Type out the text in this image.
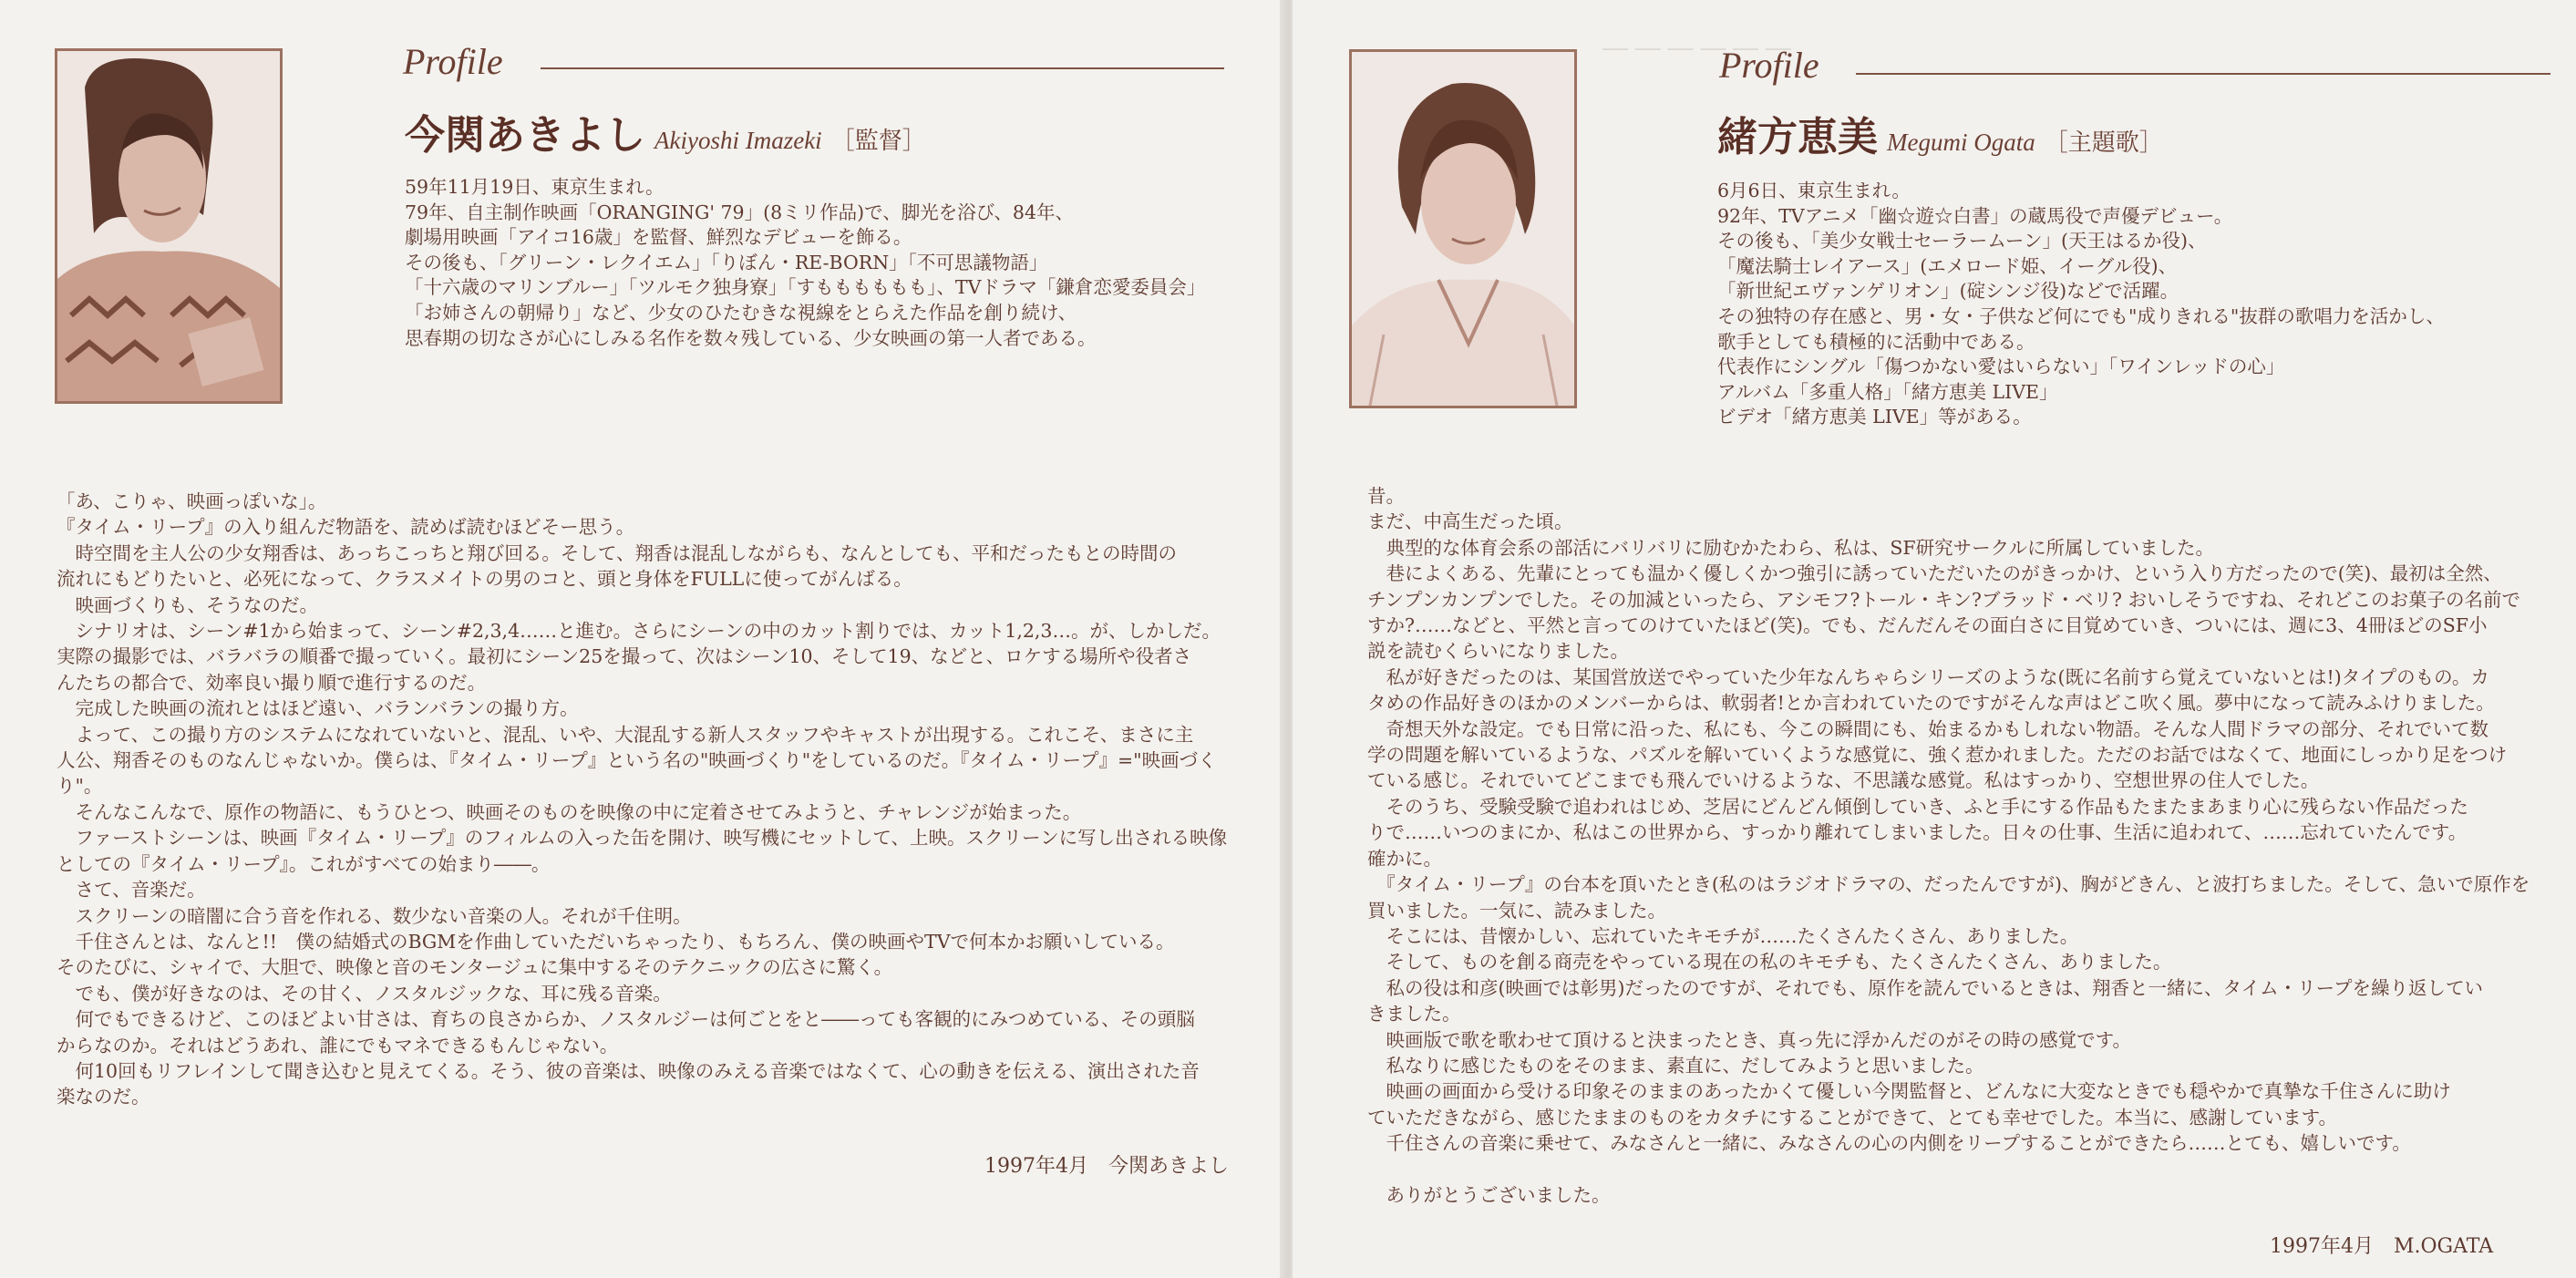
Profile
今関あきよし Akiyoshi Imazeki ［監督］
59年11月19日、東京生まれ。
79年、自主制作映画「ORANGING' 79」(8ミリ作品)で、脚光を浴び、84年、
劇場用映画「アイコ16歳」を監督、鮮烈なデビューを飾る。
その後も、「グリーン・レクイエム」「りぼん・RE-BORN」「不可思議物語」
「十六歳のマリンブルー」「ツルモク独身寮」「すもももももも」、TVドラマ「鎌倉恋愛委員会」
「お姉さんの朝帰り」など、少女のひたむきな視線をとらえた作品を創り続け、
思春期の切なさが心にしみる名作を数々残している、少女映画の第一人者である。
「あ、こりゃ、映画っぽいな」。
『タイム・リープ』の入り組んだ物語を、読めば読むほどそー思う。
　時空間を主人公の少女翔香は、あっちこっちと翔び回る。そして、翔香は混乱しながらも、なんとしても、平和だったもとの時間の
流れにもどりたいと、必死になって、クラスメイトの男のコと、頭と身体をFULLに使ってがんばる。
　映画づくりも、そうなのだ。
　シナリオは、シーン#1から始まって、シーン#2,3,4……と進む。さらにシーンの中のカット割りでは、カット1,2,3…。が、しかしだ。
実際の撮影では、バラバラの順番で撮っていく。最初にシーン25を撮って、次はシーン10、そして19、などと、ロケする場所や役者さ
んたちの都合で、効率良い撮り順で進行するのだ。
　完成した映画の流れとはほど遠い、バランバランの撮り方。
　よって、この撮り方のシステムになれていないと、混乱、いや、大混乱する新人スタッフやキャストが出現する。これこそ、まさに主
人公、翔香そのものなんじゃないか。僕らは、『タイム・リープ』という名の"映画づくり"をしているのだ。『タイム・リープ』="映画づく
り"。
　そんなこんなで、原作の物語に、もうひとつ、映画そのものを映像の中に定着させてみようと、チャレンジが始まった。
　ファーストシーンは、映画『タイム・リープ』のフィルムの入った缶を開け、映写機にセットして、上映。スクリーンに写し出される映像
としての『タイム・リープ』。これがすべての始まり――。
　さて、音楽だ。
　スクリーンの暗闇に合う音を作れる、数少ない音楽の人。それが千住明。
　千住さんとは、なんと!!　僕の結婚式のBGMを作曲していただいちゃったり、もちろん、僕の映画やTVで何本かお願いしている。
そのたびに、シャイで、大胆で、映像と音のモンタージュに集中するそのテクニックの広さに驚く。
　でも、僕が好きなのは、その甘く、ノスタルジックな、耳に残る音楽。
　何でもできるけど、このほどよい甘さは、育ちの良さからか、ノスタルジーは何ごとをと――っても客観的にみつめている、その頭脳
からなのか。それはどうあれ、誰にでもマネできるもんじゃない。
　何10回もリフレインして聞き込むと見えてくる。そう、彼の音楽は、映像のみえる音楽ではなくて、心の動きを伝える、演出された音
楽なのだ。
1997年4月　今関あきよし
— — — — — —
Profile
緒方恵美 Megumi Ogata ［主題歌］
6月6日、東京生まれ。
92年、TVアニメ「幽☆遊☆白書」の蔵馬役で声優デビュー。
その後も、「美少女戦士セーラームーン」(天王はるか役)、
「魔法騎士レイアース」(エメロード姫、イーグル役)、
「新世紀エヴァンゲリオン」(碇シンジ役)などで活躍。
その独特の存在感と、男・女・子供など何にでも"成りきれる"抜群の歌唱力を活かし、
歌手としても積極的に活動中である。
代表作にシングル「傷つかない愛はいらない」「ワインレッドの心」
アルバム「多重人格」「緒方恵美 LIVE」
ビデオ「緒方恵美 LIVE」等がある。
昔。
まだ、中高生だった頃。
　典型的な体育会系の部活にバリバリに励むかたわら、私は、SF研究サークルに所属していました。
　巷によくある、先輩にとっても温かく優しくかつ強引に誘っていただいたのがきっかけ、という入り方だったので(笑)、最初は全然、
チンプンカンプンでした。その加減といったら、アシモフ?トール・キン?ブラッド・ベリ? おいしそうですね、それどこのお菓子の名前で
すか?……などと、平然と言ってのけていたほど(笑)。でも、だんだんその面白さに目覚めていき、ついには、週に3、4冊ほどのSF小
説を読むくらいになりました。
　私が好きだったのは、某国営放送でやっていた少年なんちゃらシリーズのような(既に名前すら覚えていないとは!)タイプのもの。カ
タめの作品好きのほかのメンバーからは、軟弱者!とか言われていたのですがそんな声はどこ吹く風。夢中になって読みふけりました。
　奇想天外な設定。でも日常に沿った、私にも、今この瞬間にも、始まるかもしれない物語。そんな人間ドラマの部分、それでいて数
学の問題を解いているような、パズルを解いていくような感覚に、強く惹かれました。ただのお話ではなくて、地面にしっかり足をつけ
ている感じ。それでいてどこまでも飛んでいけるような、不思議な感覚。私はすっかり、空想世界の住人でした。
　そのうち、受験受験で追われはじめ、芝居にどんどん傾倒していき、ふと手にする作品もたまたまあまり心に残らない作品だった
りで……いつのまにか、私はこの世界から、すっかり離れてしまいました。日々の仕事、生活に追われて、……忘れていたんです。
確かに。
　『タイム・リープ』の台本を頂いたとき(私のはラジオドラマの、だったんですが)、胸がどきん、と波打ちました。そして、急いで原作を
買いました。一気に、読みました。
　そこには、昔懐かしい、忘れていたキモチが……たくさんたくさん、ありました。
　そして、ものを創る商売をやっている現在の私のキモチも、たくさんたくさん、ありました。
　私の役は和彦(映画では彰男)だったのですが、それでも、原作を読んでいるときは、翔香と一緒に、タイム・リープを繰り返してい
きました。
　映画版で歌を歌わせて頂けると決まったとき、真っ先に浮かんだのがその時の感覚です。
　私なりに感じたものをそのまま、素直に、だしてみようと思いました。
　映画の画面から受ける印象そのままのあったかくて優しい今関監督と、どんなに大変なときでも穏やかで真摯な千住さんに助け
ていただきながら、感じたままのものをカタチにすることができて、とても幸せでした。本当に、感謝しています。
　千住さんの音楽に乗せて、みなさんと一緒に、みなさんの心の内側をリープすることができたら……とても、嬉しいです。

　ありがとうございました。
1997年4月　M.OGATA
